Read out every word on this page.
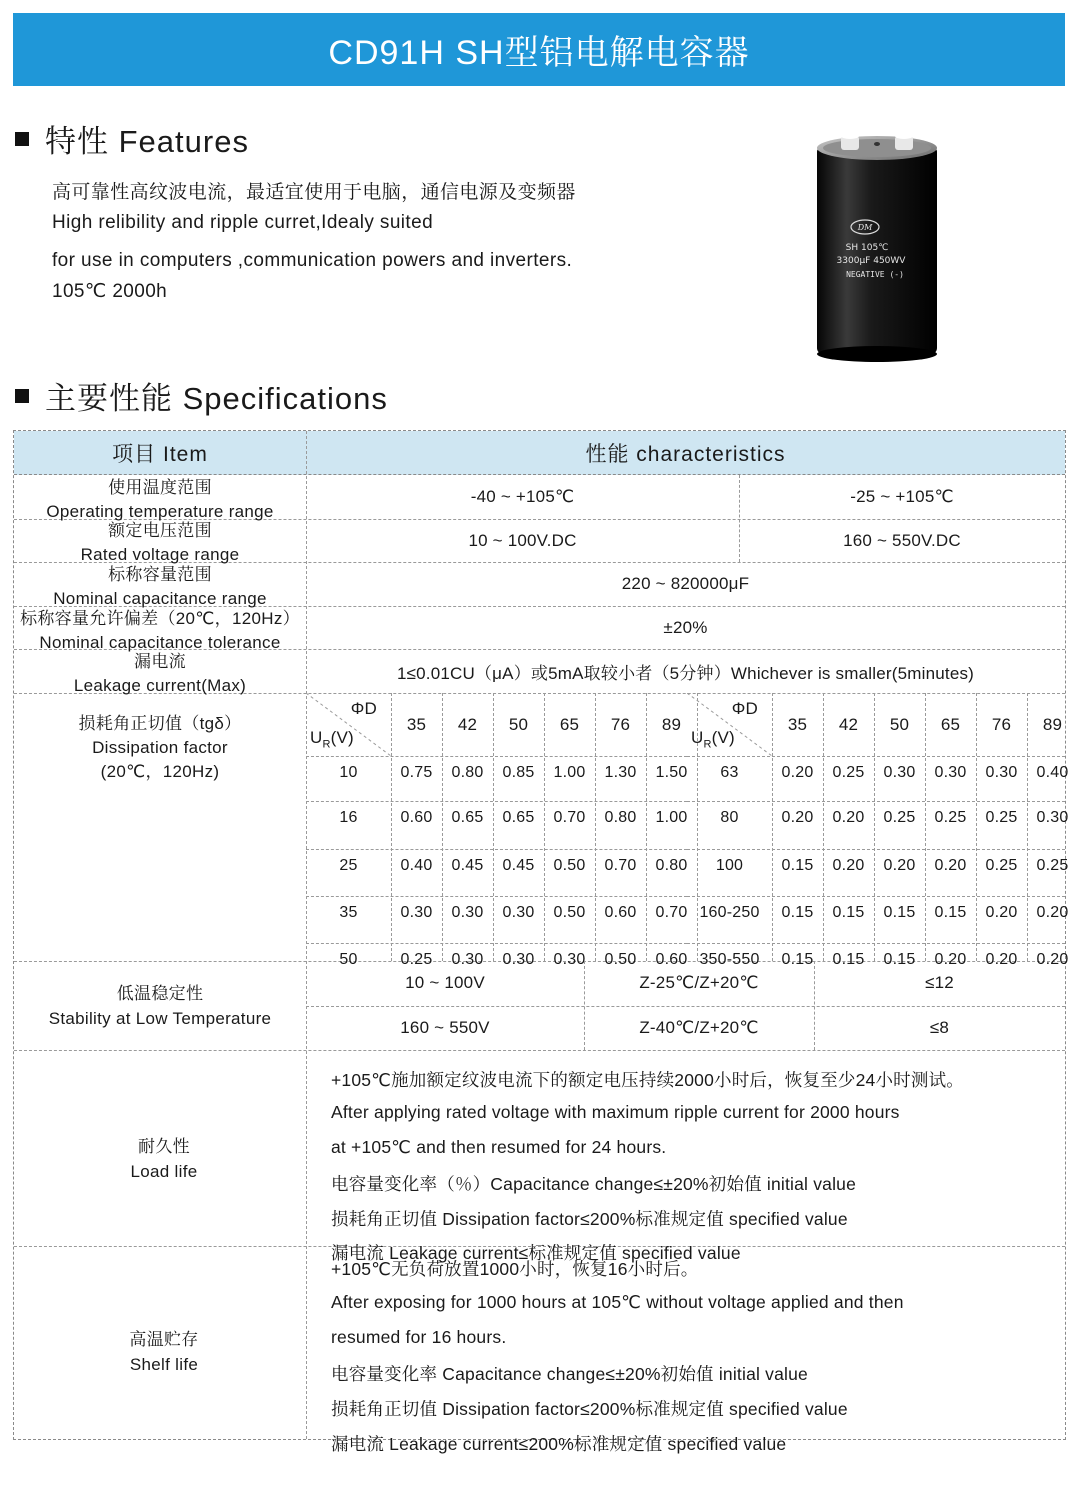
CD91H SH型铝电解电容器
特性 Features
高可靠性高纹波电流，最适宜使用于电脑，通信电源及变频器
High relibility and ripple curret,Idealy suited
for use in computers ,communication powers and inverters.
105℃ 2000h
DM
SH 105℃
3300μF 450WV
NEGATIVE (-)
主要性能 Specifications
项目 Item	性能 characteristics
使用温度范围
Operating temperature range
-40 ~ +105℃	-25 ~ +105℃
额定电压范围
Rated voltage range
10 ~ 100V.DC	160 ~ 550V.DC
标称容量范围
Nominal capacitance range
220 ~ 820000μF
标称容量允许偏差（20℃，120Hz）
Nominal capacitance tolerance
±20%
漏电流
Leakage current(Max)
1≤0.01CU（μA）或5mA取较小者（5分钟）Whichever is smaller(5minutes)
损耗角正切值（tgδ）
Dissipation factor
(20℃，120Hz)
ΦD
$U_R(V)$
35	42	50	65	76	89
10	0.75	0.80	0.85	1.00	1.30	1.50
16	0.60	0.65	0.65	0.70	0.80	1.00
25	0.40	0.45	0.45	0.50	0.70	0.80
35	0.30	0.30	0.30	0.50	0.60	0.70
50	0.25	0.30	0.30	0.30	0.50	0.60
ΦD
$U_R(V)$
35	42	50	65	76	89
63	0.20	0.25	0.30	0.30	0.30	0.40
80	0.20	0.20	0.25	0.25	0.25	0.30
100	0.15	0.20	0.20	0.20	0.25	0.25
160-250	0.15	0.15	0.15	0.15	0.20	0.20
350-550	0.15	0.15	0.15	0.20	0.20	0.20
低温稳定性
Stability at Low Temperature
10 ~ 100V	Z-25℃/Z+20℃	≤12
160 ~ 550V	Z-40℃/Z+20℃	≤8
耐久性
Load life
+105℃施加额定纹波电流下的额定电压持续2000小时后，恢复至少24小时测试。
After applying rated voltage with maximum ripple current for 2000 hours
at +105℃ and then resumed for 24 hours.
电容量变化率（％）Capacitance change≤±20%初始值 initial value
损耗角正切值 Dissipation factor≤200%标准规定值 specified value
漏电流 Leakage current≤标准规定值 specified value
高温贮存
Shelf life
+105℃无负荷放置1000小时，恢复16小时后。
After exposing for 1000 hours at 105℃ without voltage applied and then
resumed for 16 hours.
电容量变化率 Capacitance change≤±20%初始值 initial value
损耗角正切值 Dissipation factor≤200%标准规定值 specified value
漏电流 Leakage current≤200%标准规定值 specified value
